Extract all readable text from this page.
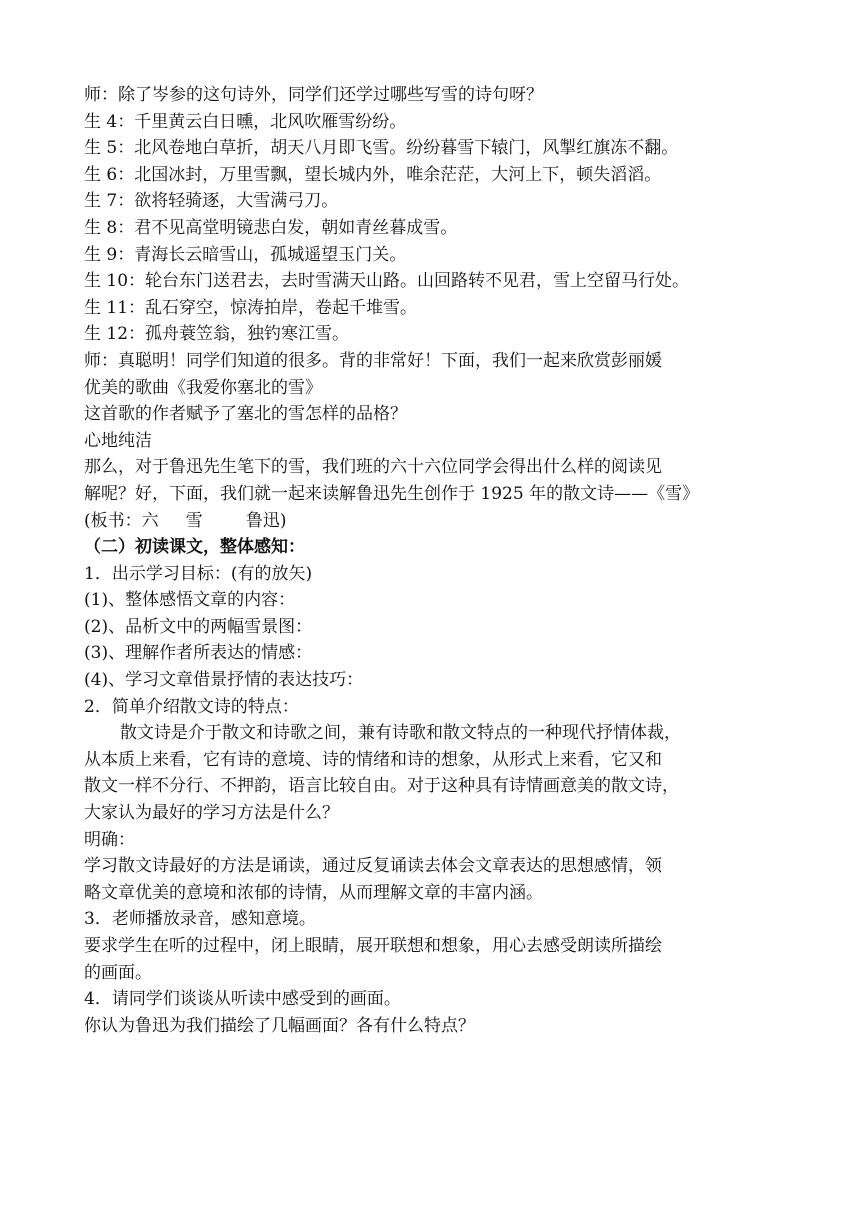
师：除了岑参的这句诗外，同学们还学过哪些写雪的诗句呀？
生 4：千里黄云白日曛，北风吹雁雪纷纷。
生 5：北风卷地白草折，胡天八月即飞雪。纷纷暮雪下辕门，风掣红旗冻不翻。
生 6：北国冰封，万里雪飘，望长城内外，唯余茫茫，大河上下，顿失滔滔。
生 7：欲将轻骑逐，大雪满弓刀。
生 8：君不见高堂明镜悲白发，朝如青丝暮成雪。
生 9：青海长云暗雪山，孤城遥望玉门关。
生 10：轮台东门送君去，去时雪满天山路。山回路转不见君，雪上空留马行处。
生 11：乱石穿空，惊涛拍岸，卷起千堆雪。
生 12：孤舟蓑笠翁，独钓寒江雪。
师：真聪明！同学们知道的很多。背的非常好！下面，我们一起来欣赏彭丽媛
优美的歌曲《我爱你塞北的雪》
这首歌的作者赋予了塞北的雪怎样的品格？
心地纯洁
那么，对于鲁迅先生笔下的雪，我们班的六十六位同学会得出什么样的阅读见
解呢？好，下面，我们就一起来读解鲁迅先生创作于 1925 年的散文诗——《雪》
(板书：六     雪        鲁迅)
（二）初读课文，整体感知：
1．出示学习目标：(有的放矢)
(1)、整体感悟文章的内容：
(2)、品析文中的两幅雪景图：
(3)、理解作者所表达的情感：
(4)、学习文章借景抒情的表达技巧：
2．简单介绍散文诗的特点：
散文诗是介于散文和诗歌之间，兼有诗歌和散文特点的一种现代抒情体裁，
从本质上来看，它有诗的意境、诗的情绪和诗的想象，从形式上来看，它又和
散文一样不分行、不押韵，语言比较自由。对于这种具有诗情画意美的散文诗，
大家认为最好的学习方法是什么？
明确：
学习散文诗最好的方法是诵读，通过反复诵读去体会文章表达的思想感情，领
略文章优美的意境和浓郁的诗情，从而理解文章的丰富内涵。
3．老师播放录音，感知意境。
要求学生在听的过程中，闭上眼睛，展开联想和想象，用心去感受朗读所描绘
的画面。
4．请同学们谈谈从听读中感受到的画面。
你认为鲁迅为我们描绘了几幅画面？各有什么特点？
